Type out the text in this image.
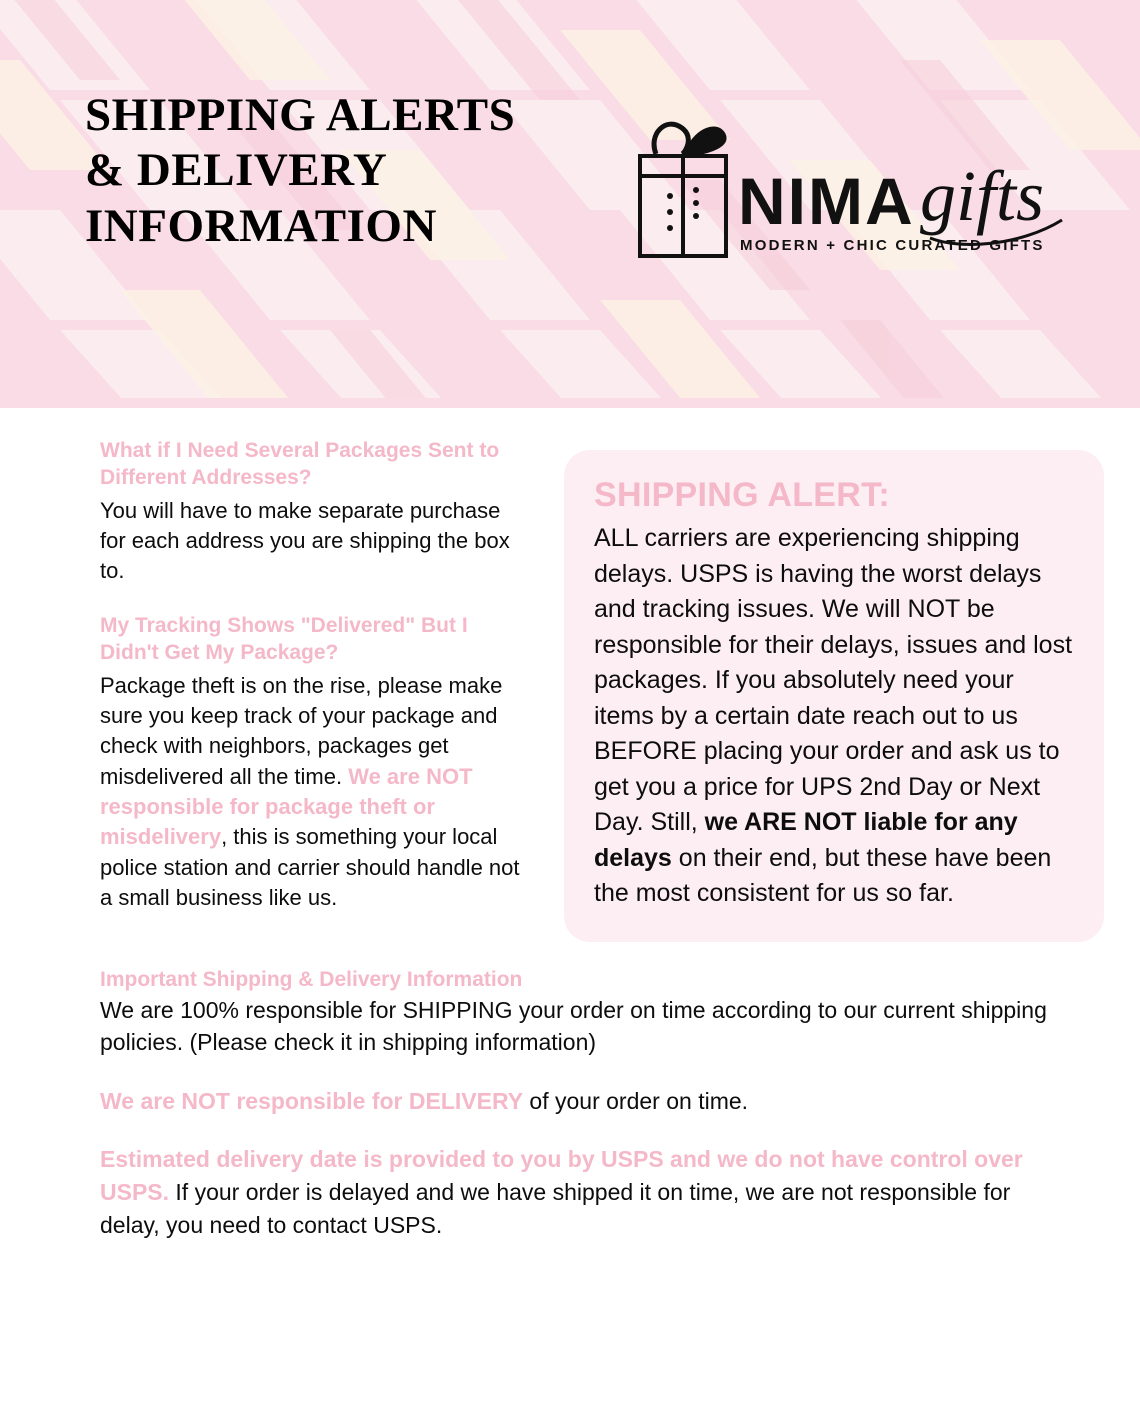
SHIPPING ALERTS & DELIVERY INFORMATION	NIMA gifts
MODERN + CHIC CURATED GIFTS
What if I Need Several Packages Sent to Different Addresses?

You will have to make separate purchase for each address you are shipping the box to.

My Tracking Shows "Delivered" But I Didn't Get My Package?

Package theft is on the rise, please make sure you keep track of your package and check with neighbors, packages get misdelivered all the time. We are NOT responsible for package theft or misdelivery, this is something your local police station and carrier should handle not a small business like us.

SHIPPING ALERT:

ALL carriers are experiencing shipping delays. USPS is having the worst delays and tracking issues. We will NOT be responsible for their delays, issues and lost packages. If you absolutely need your items by a certain date reach out to us BEFORE placing your order and ask us to get you a price for UPS 2nd Day or Next Day. Still, we ARE NOT liable for any delays on their end, but these have been the most consistent for us so far.

Important Shipping & Delivery Information

We are 100% responsible for SHIPPING your order on time according to our current shipping policies. (Please check it in shipping information)

We are NOT responsible for DELIVERY of your order on time.

Estimated delivery date is provided to you by USPS and we do not have control over USPS. If your order is delayed and we have shipped it on time, we are not responsible for delay, you need to contact USPS.
